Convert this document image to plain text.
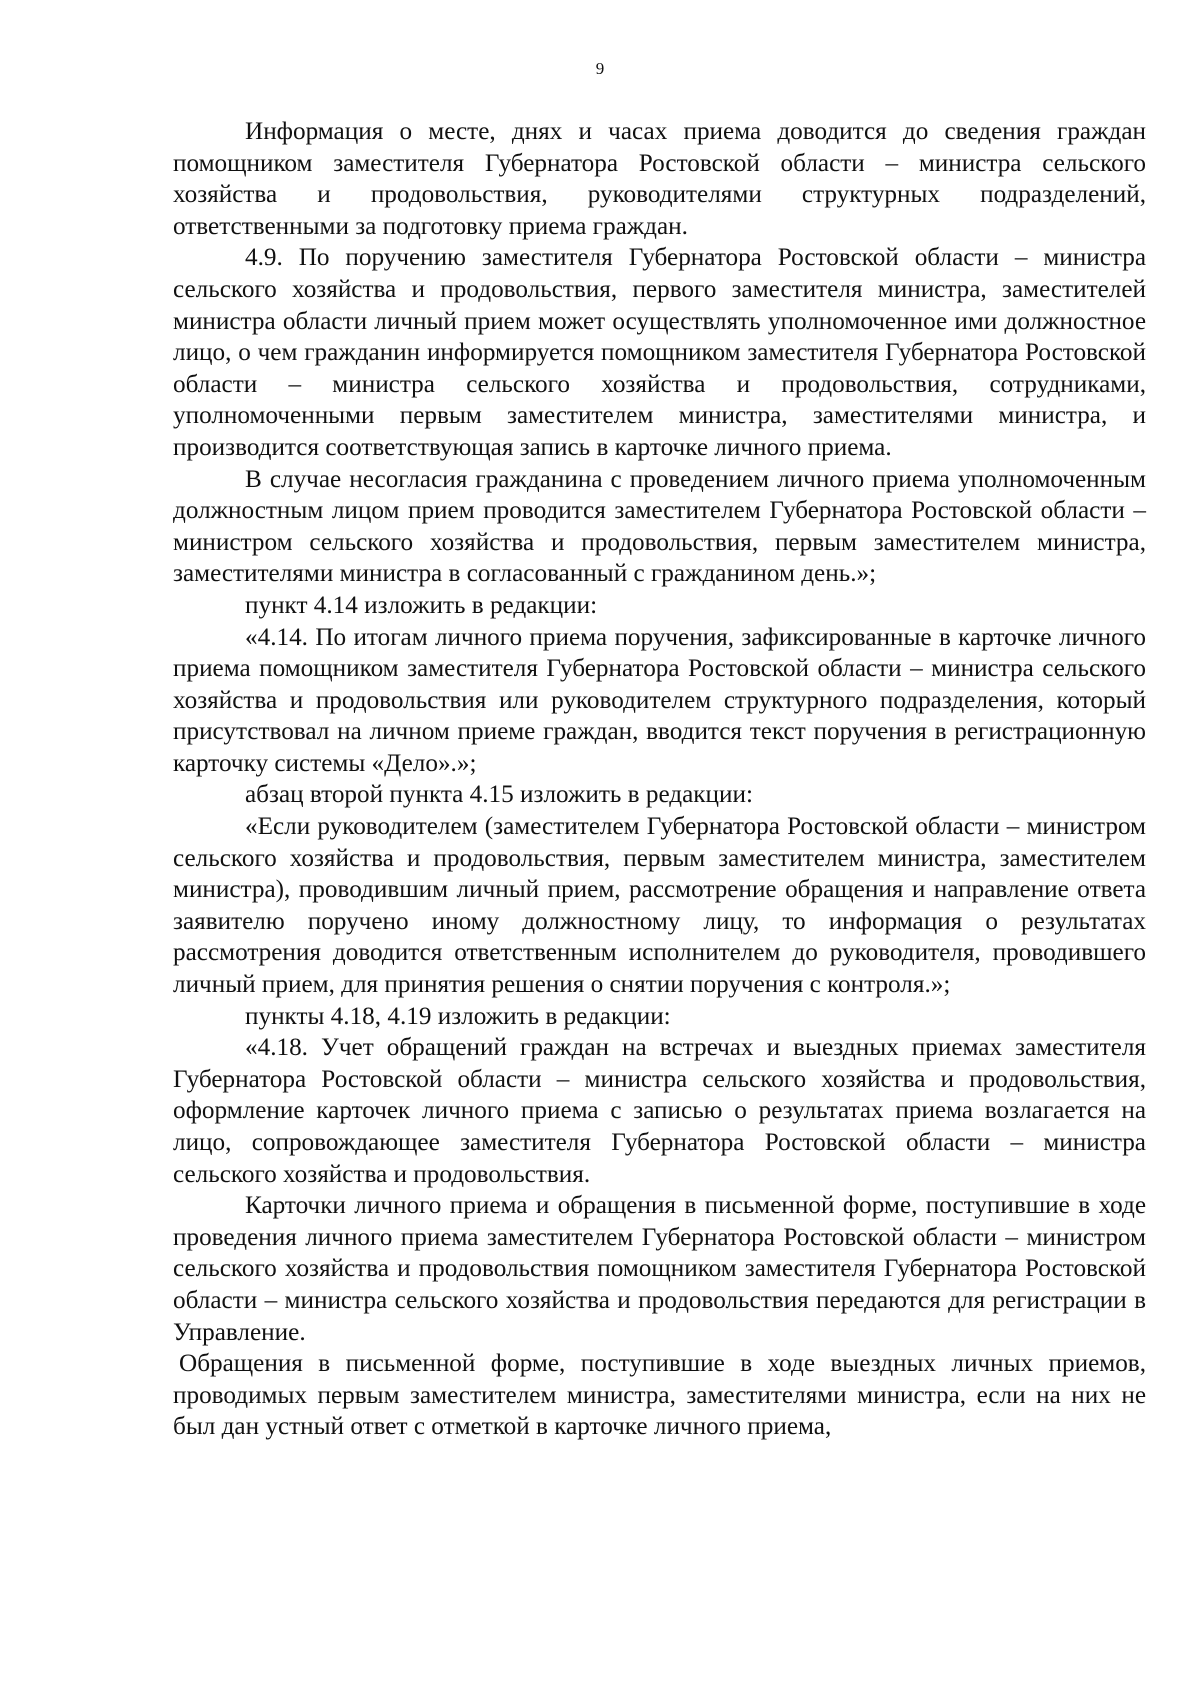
9

Информация о месте, днях и часах приема доводится до сведения граждан помощником заместителя Губернатора Ростовской области – министра сельского хозяйства и продовольствия, руководителями структурных подразделений, ответственными за подготовку приема граждан.

4.9. По поручению заместителя Губернатора Ростовской области – министра сельского хозяйства и продовольствия, первого заместителя министра, заместителей министра области личный прием может осуществлять уполномоченное ими должностное лицо, о чем гражданин информируется помощником заместителя Губернатора Ростовской области – министра сельского хозяйства и продовольствия, сотрудниками, уполномоченными первым заместителем министра, заместителями министра, и производится соответствующая запись в карточке личного приема.

В случае несогласия гражданина с проведением личного приема уполномоченным должностным лицом прием проводится заместителем Губернатора Ростовской области – министром сельского хозяйства и продовольствия, первым заместителем министра, заместителями министра в согласованный с гражданином день.»;

пункт 4.14 изложить в редакции:

«4.14. По итогам личного приема поручения, зафиксированные в карточке личного приема помощником заместителя Губернатора Ростовской области – министра сельского хозяйства и продовольствия или руководителем структурного подразделения, который присутствовал на личном приеме граждан, вводится текст поручения в регистрационную карточку системы «Дело».»;

абзац второй пункта 4.15 изложить в редакции:

«Если руководителем (заместителем Губернатора Ростовской области – министром сельского хозяйства и продовольствия, первым заместителем министра, заместителем министра), проводившим личный прием, рассмотрение обращения и направление ответа заявителю поручено иному должностному лицу, то информация о результатах рассмотрения доводится ответственным исполнителем до руководителя, проводившего личный прием, для принятия решения о снятии поручения с контроля.»;

пункты 4.18, 4.19 изложить в редакции:

«4.18. Учет обращений граждан на встречах и выездных приемах заместителя Губернатора Ростовской области – министра сельского хозяйства и продовольствия, оформление карточек личного приема с записью о результатах приема возлагается на лицо, сопровождающее заместителя Губернатора Ростовской области – министра сельского хозяйства и продовольствия.

Карточки личного приема и обращения в письменной форме, поступившие в ходе проведения личного приема заместителем Губернатора Ростовской области – министром сельского хозяйства и продовольствия помощником заместителя Губернатора Ростовской области – министра сельского хозяйства и продовольствия передаются для регистрации в Управление.

Обращения в письменной форме, поступившие в ходе выездных личных приемов, проводимых первым заместителем министра, заместителями министра, если на них не был дан устный ответ с отметкой в карточке личного приема,
